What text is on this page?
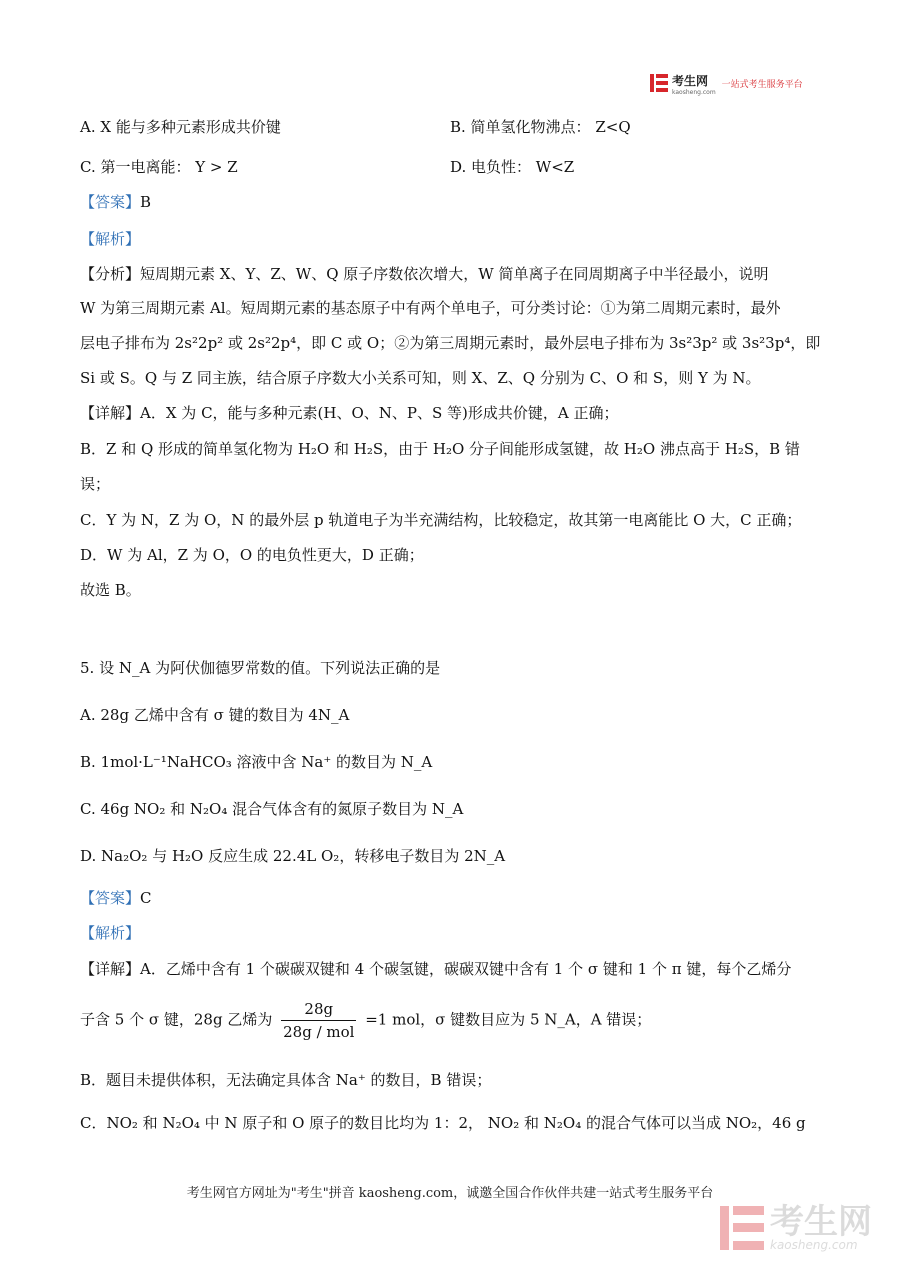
考生网
kaosheng.com
一站式考生服务平台
A. X 能与多种元素形成共价键	B. 简单氢化物沸点： Z<Q
C. 第一电离能： Y > Z	D. 电负性： W<Z
【答案】B
【解析】
【分析】短周期元素 X、Y、Z、W、Q 原子序数依次增大，W 简单离子在同周期离子中半径最小，说明
W 为第三周期元素 Al。短周期元素的基态原子中有两个单电子，可分类讨论：①为第二周期元素时，最外
层电子排布为 2s²2p² 或 2s²2p⁴，即 C 或 O；②为第三周期元素时，最外层电子排布为 3s²3p² 或 3s²3p⁴，即
Si 或 S。Q 与 Z 同主族，结合原子序数大小关系可知，则 X、Z、Q 分别为 C、O 和 S，则 Y 为 N。
【详解】A．X 为 C，能与多种元素(H、O、N、P、S 等)形成共价键，A 正确；
B．Z 和 Q 形成的简单氢化物为 H₂O 和 H₂S，由于 H₂O 分子间能形成氢键，故 H₂O 沸点高于 H₂S，B 错
误；
C．Y 为 N，Z 为 O，N 的最外层 p 轨道电子为半充满结构，比较稳定，故其第一电离能比 O 大，C 正确；
D．W 为 Al，Z 为 O，O 的电负性更大，D 正确；
故选 B。
5. 设 N_A 为阿伏伽德罗常数的值。下列说法正确的是
A. 28g 乙烯中含有 σ 键的数目为 4N_A
B. 1mol·L⁻¹NaHCO₃ 溶液中含 Na⁺ 的数目为 N_A
C. 46g NO₂ 和 N₂O₄ 混合气体含有的氮原子数目为 N_A
D. Na₂O₂ 与 H₂O 反应生成 22.4L O₂，转移电子数目为 2N_A
【答案】C
【解析】
【详解】A．乙烯中含有 1 个碳碳双键和 4 个碳氢键，碳碳双键中含有 1 个 σ 键和 1 个 π 键，每个乙烯分
子含 5 个 σ 键，28g 乙烯为 $\frac{28g}{\text{28g / mol}} =1$ mol，σ 键数目应为 5 N_A，A 错误；
B．题目未提供体积，无法确定具体含 Na⁺ 的数目，B 错误；
C．NO₂ 和 N₂O₄ 中 N 原子和 O 原子的数目比均为 1：2， NO₂ 和 N₂O₄ 的混合气体可以当成 NO₂，46 g
考生网官方网址为"考生"拼音 kaosheng.com，诚邀全国合作伙伴共建一站式考生服务平台
考生网
kaosheng.com
